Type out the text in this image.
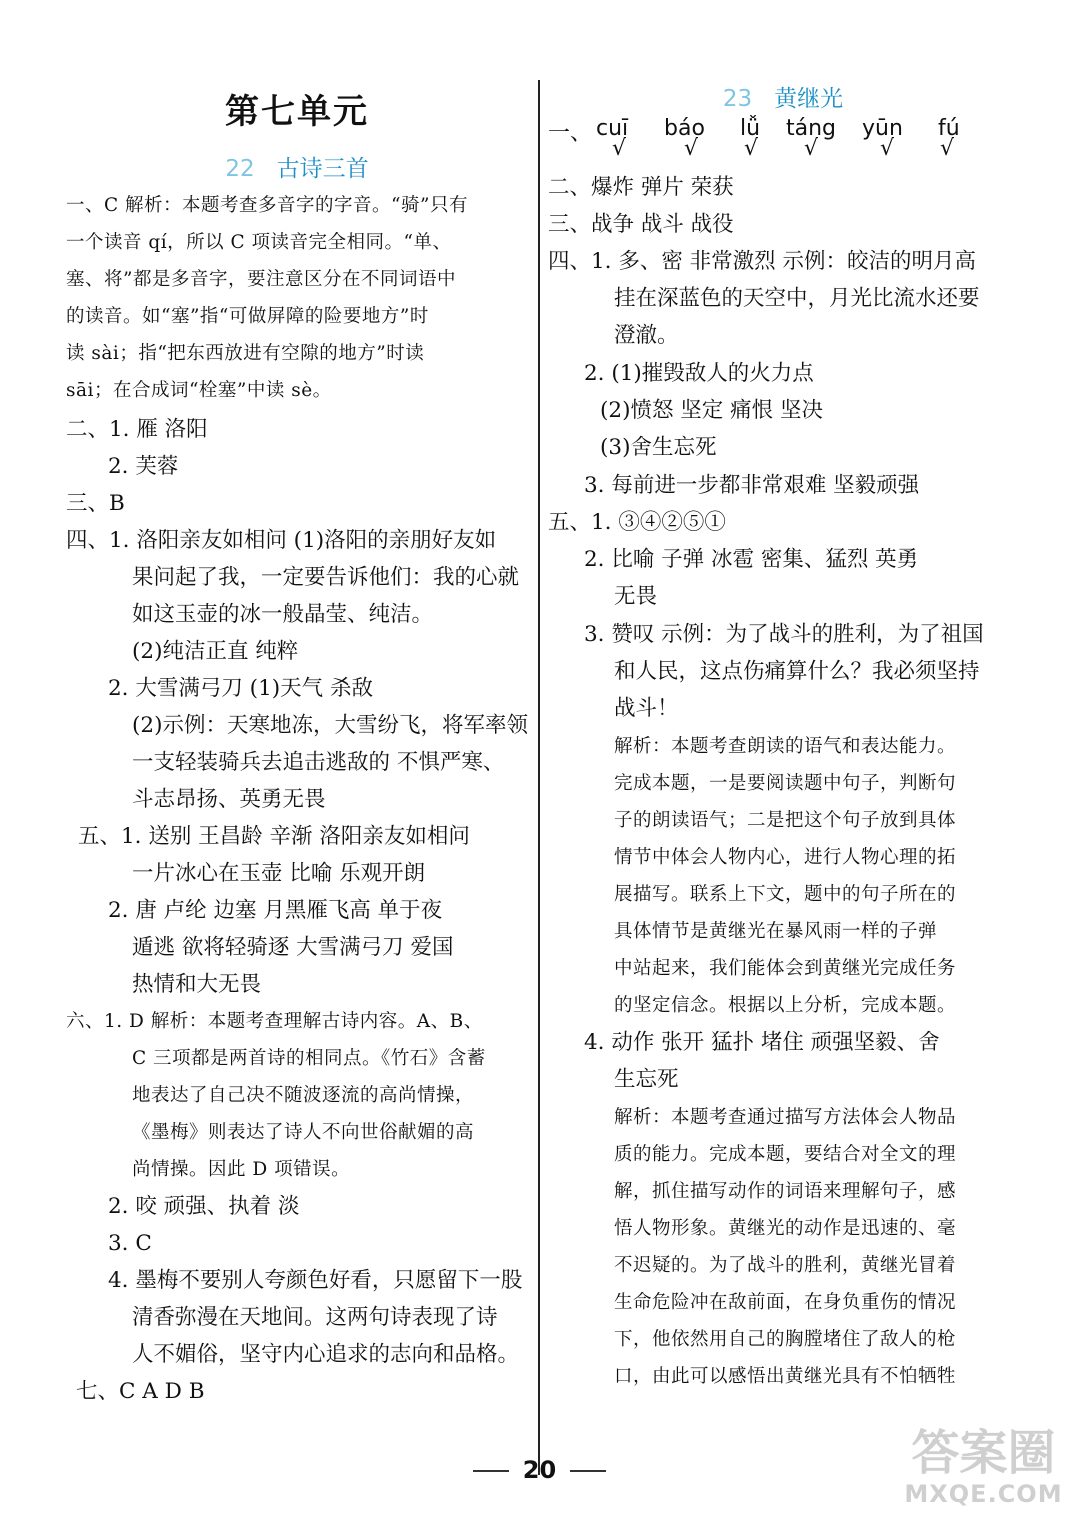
第七单元
22 古诗三首
23 黄继光
一、C 解析：本题考查多音字的字音。“骑”只有
一个读音 qí，所以 C 项读音完全相同。“单、
塞、将”都是多音字，要注意区分在不同词语中
的读音。如“塞”指“可做屏障的险要地方”时
读 sài；指“把东西放进有空隙的地方”时读
sāi；在合成词“栓塞”中读 sè。
二、1. 雁 洛阳
2. 芙蓉
三、B
四、1. 洛阳亲友如相问 (1)洛阳的亲朋好友如
果问起了我，一定要告诉他们：我的心就
如这玉壶的冰一般晶莹、纯洁。
(2)纯洁正直 纯粹
2. 大雪满弓刀 (1)天气 杀敌
(2)示例：天寒地冻，大雪纷飞，将军率领
一支轻装骑兵去追击逃敌的 不惧严寒、
斗志昂扬、英勇无畏
五、1. 送别 王昌龄 辛渐 洛阳亲友如相问
一片冰心在玉壶 比喻 乐观开朗
2. 唐 卢纶 边塞 月黑雁飞高 单于夜
遁逃 欲将轻骑逐 大雪满弓刀 爱国
热情和大无畏
六、1. D 解析：本题考查理解古诗内容。A、B、
C 三项都是两首诗的相同点。《竹石》含蓄
地表达了自己决不随波逐流的高尚情操，
《墨梅》则表达了诗人不向世俗献媚的高
尚情操。因此 D 项错误。
2. 咬 顽强、执着 淡
3. C
4. 墨梅不要别人夸颜色好看，只愿留下一股
清香弥漫在天地间。这两句诗表现了诗
人不媚俗，坚守内心追求的志向和品格。
七、C A D B
一、 cuī
√
báo
√
lǚ
√
táng
√
yūn
√
fú
√
二、爆炸 弹片 荣获
三、战争 战斗 战役
四、1. 多、密 非常激烈 示例：皎洁的明月高
挂在深蓝色的天空中，月光比流水还要
澄澈。
2. (1)摧毁敌人的火力点
(2)愤怒 坚定 痛恨 坚决
(3)舍生忘死
3. 每前进一步都非常艰难 坚毅顽强
五、1. ③④②⑤①
2. 比喻 子弹 冰雹 密集、猛烈 英勇
无畏
3. 赞叹 示例：为了战斗的胜利，为了祖国
和人民，这点伤痛算什么？我必须坚持
战斗！
解析：本题考查朗读的语气和表达能力。
完成本题，一是要阅读题中句子，判断句
子的朗读语气；二是把这个句子放到具体
情节中体会人物内心，进行人物心理的拓
展描写。联系上下文，题中的句子所在的
具体情节是黄继光在暴风雨一样的子弹
中站起来，我们能体会到黄继光完成任务
的坚定信念。根据以上分析，完成本题。
4. 动作 张开 猛扑 堵住 顽强坚毅、舍
生忘死
解析：本题考查通过描写方法体会人物品
质的能力。完成本题，要结合对全文的理
解，抓住描写动作的词语来理解句子，感
悟人物形象。黄继光的动作是迅速的、毫
不迟疑的。为了战斗的胜利，黄继光冒着
生命危险冲在敌前面，在身负重伤的情况
下，他依然用自己的胸膛堵住了敌人的枪
口，由此可以感悟出黄继光具有不怕牺牲
20	答案圈
MXQE.COM
